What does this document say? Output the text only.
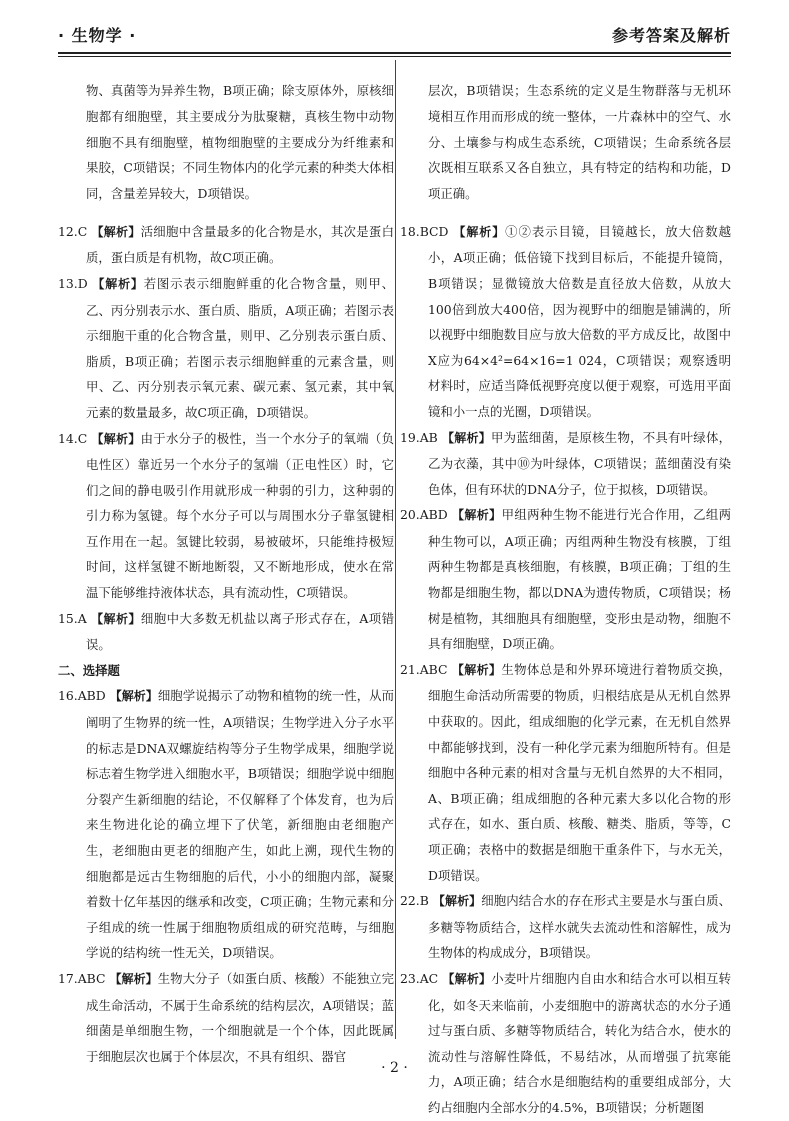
· 生物学 ·	参考答案及解析

物、真菌等为异养生物，B项正确；除支原体外，原核细胞都有细胞壁，其主要成分为肽聚糖，真核生物中动物细胞不具有细胞壁，植物细胞壁的主要成分为纤维素和果胶，C项错误；不同生物体内的化学元素的种类大体相同，含量差异较大，D项错误。

12.C 【解析】活细胞中含量最多的化合物是水，其次是蛋白质，蛋白质是有机物，故C项正确。

13.D 【解析】若图示表示细胞鲜重的化合物含量，则甲、乙、丙分别表示水、蛋白质、脂质，A项正确；若图示表示细胞干重的化合物含量，则甲、乙分别表示蛋白质、脂质，B项正确；若图示表示细胞鲜重的元素含量，则甲、乙、丙分别表示氧元素、碳元素、氢元素，其中氧元素的数量最多，故C项正确，D项错误。

14.C 【解析】由于水分子的极性，当一个水分子的氧端（负电性区）靠近另一个水分子的氢端（正电性区）时，它们之间的静电吸引作用就形成一种弱的引力，这种弱的引力称为氢键。每个水分子可以与周围水分子靠氢键相互作用在一起。氢键比较弱，易被破坏，只能维持极短时间，这样氢键不断地断裂，又不断地形成，使水在常温下能够维持液体状态，具有流动性，C项错误。

15.A 【解析】细胞中大多数无机盐以离子形式存在，A项错误。

二、选择题

16.ABD 【解析】细胞学说揭示了动物和植物的统一性，从而阐明了生物界的统一性，A项错误；生物学进入分子水平的标志是DNA双螺旋结构等分子生物学成果，细胞学说标志着生物学进入细胞水平，B项错误；细胞学说中细胞分裂产生新细胞的结论，不仅解释了个体发育，也为后来生物进化论的确立埋下了伏笔，新细胞由老细胞产生，老细胞由更老的细胞产生，如此上溯，现代生物的细胞都是远古生物细胞的后代，小小的细胞内部，凝聚着数十亿年基因的继承和改变，C项正确；生物元素和分子组成的统一性属于细胞物质组成的研究范畴，与细胞学说的结构统一性无关，D项错误。

17.ABC 【解析】生物大分子（如蛋白质、核酸）不能独立完成生命活动，不属于生命系统的结构层次，A项错误；蓝细菌是单细胞生物，一个细胞就是一个个体，因此既属于细胞层次也属于个体层次，不具有组织、器官

层次，B项错误；生态系统的定义是生物群落与无机环境相互作用而形成的统一整体，一片森林中的空气、水分、土壤参与构成生态系统，C项错误；生命系统各层次既相互联系又各自独立，具有特定的结构和功能，D项正确。

18.BCD 【解析】①②表示目镜，目镜越长，放大倍数越小，A项正确；低倍镜下找到目标后，不能提升镜筒，B项错误；显微镜放大倍数是直径放大倍数，从放大100倍到放大400倍，因为视野中的细胞是铺满的，所以视野中细胞数目应与放大倍数的平方成反比，故图中X应为64×4²=64×16=1 024，C项错误；观察透明材料时，应适当降低视野亮度以便于观察，可选用平面镜和小一点的光圈，D项错误。

19.AB 【解析】甲为蓝细菌，是原核生物，不具有叶绿体，乙为衣藻，其中⑩为叶绿体，C项错误；蓝细菌没有染色体，但有环状的DNA分子，位于拟核，D项错误。

20.ABD 【解析】甲组两种生物不能进行光合作用，乙组两种生物可以，A项正确；丙组两种生物没有核膜，丁组两种生物都是真核细胞，有核膜，B项正确；丁组的生物都是细胞生物，都以DNA为遗传物质，C项错误；杨树是植物，其细胞具有细胞壁，变形虫是动物，细胞不具有细胞壁，D项正确。

21.ABC 【解析】生物体总是和外界环境进行着物质交换，细胞生命活动所需要的物质，归根结底是从无机自然界中获取的。因此，组成细胞的化学元素，在无机自然界中都能够找到，没有一种化学元素为细胞所特有。但是细胞中各种元素的相对含量与无机自然界的大不相同，A、B项正确；组成细胞的各种元素大多以化合物的形式存在，如水、蛋白质、核酸、糖类、脂质，等等，C项正确；表格中的数据是细胞干重条件下，与水无关，D项错误。

22.B 【解析】细胞内结合水的存在形式主要是水与蛋白质、多糖等物质结合，这样水就失去流动性和溶解性，成为生物体的构成成分，B项错误。

23.AC 【解析】小麦叶片细胞内自由水和结合水可以相互转化，如冬天来临前，小麦细胞中的游离状态的水分子通过与蛋白质、多糖等物质结合，转化为结合水，使水的流动性与溶解性降低，不易结冰，从而增强了抗寒能力，A项正确；结合水是细胞结构的重要组成部分，大约占细胞内全部水分的4.5%，B项错误；分析题图

· 2 ·
